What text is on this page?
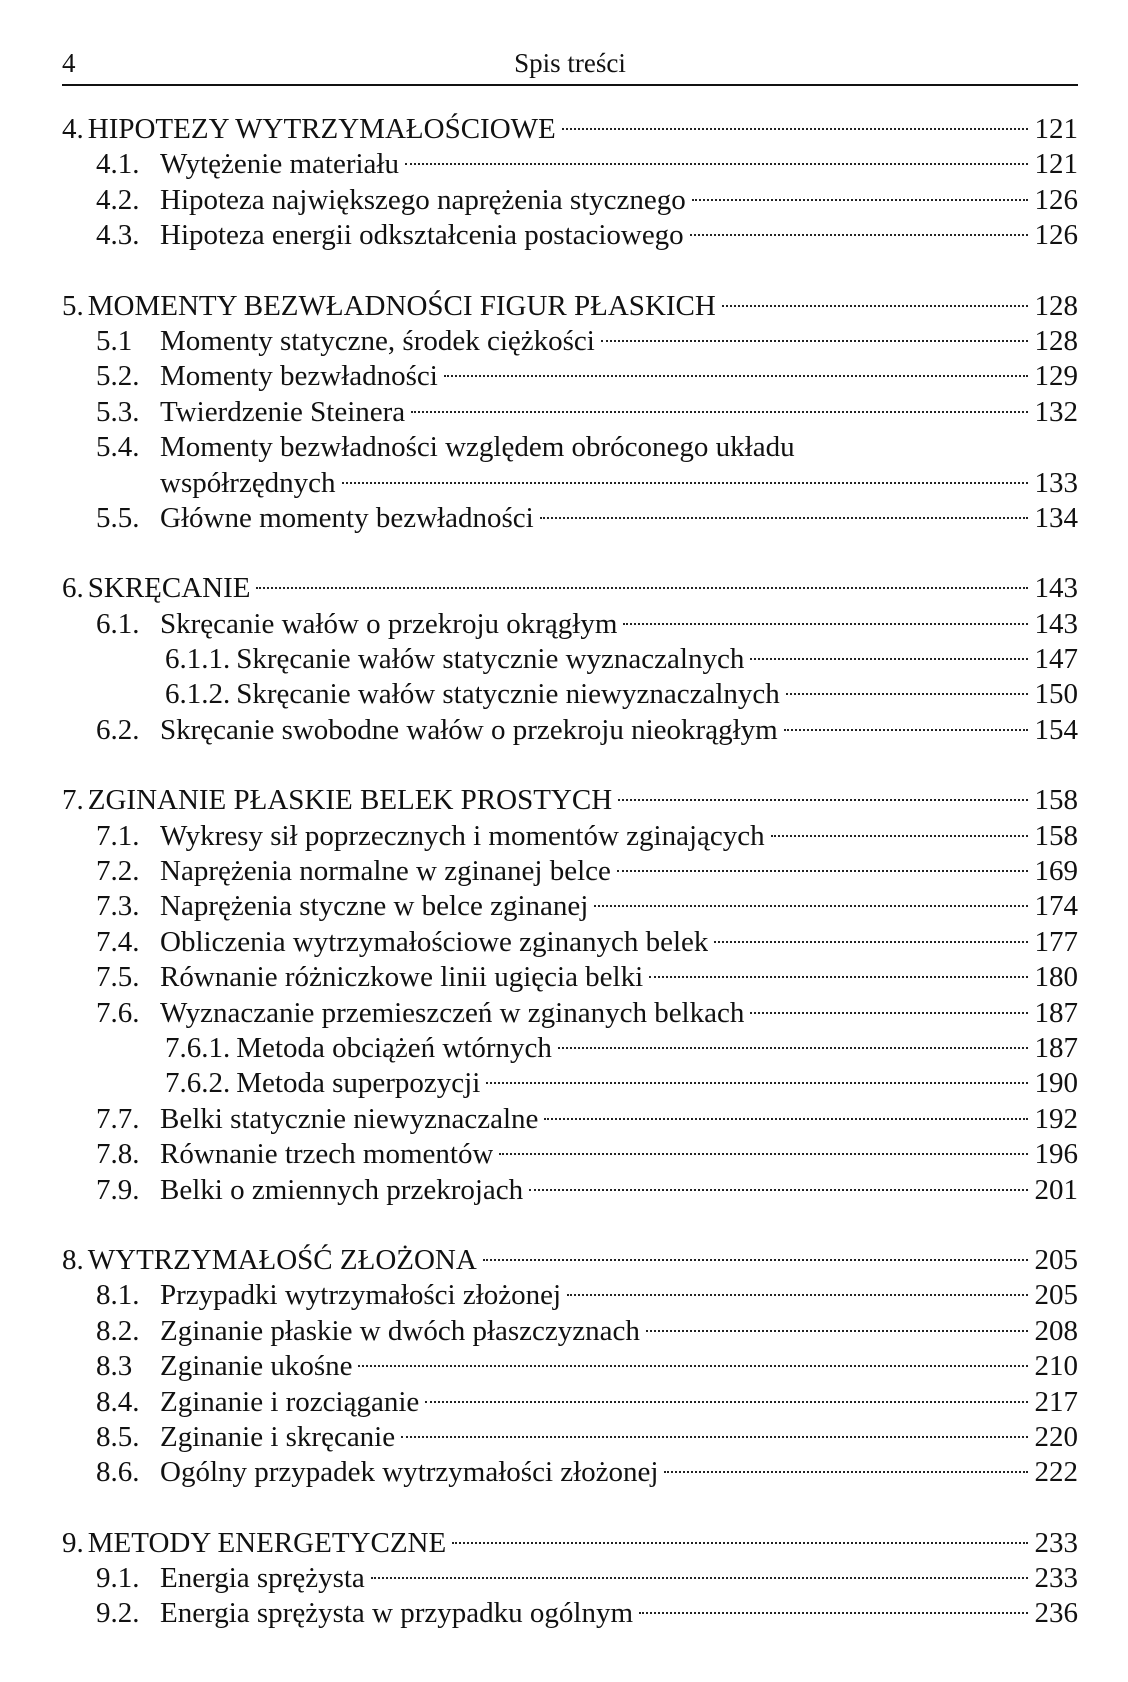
4	Spis treści
4. HIPOTEZY WYTRZYMAŁOŚCIOWE	121
4.1. Wytężenie materiału	121
4.2. Hipoteza największego naprężenia stycznego	126
4.3. Hipoteza energii odkształcenia postaciowego	126
5. MOMENTY BEZWŁADNOŚCI FIGUR PŁASKICH	128
5.1 Momenty statyczne, środek ciężkości	128
5.2. Momenty bezwładności	129
5.3. Twierdzenie Steinera	132
5.4. Momenty bezwładności względem obróconego układu
współrzędnych	133
5.5. Główne momenty bezwładności	134
6. SKRĘCANIE	143
6.1. Skręcanie wałów o przekroju okrągłym	143
6.1.1. Skręcanie wałów statycznie wyznaczalnych	147
6.1.2. Skręcanie wałów statycznie niewyznaczalnych	150
6.2. Skręcanie swobodne wałów o przekroju nieokrągłym	154
7. ZGINANIE PŁASKIE BELEK PROSTYCH	158
7.1. Wykresy sił poprzecznych i momentów zginających	158
7.2. Naprężenia normalne w zginanej belce	169
7.3. Naprężenia styczne w belce zginanej	174
7.4. Obliczenia wytrzymałościowe zginanych belek	177
7.5. Równanie różniczkowe linii ugięcia belki	180
7.6. Wyznaczanie przemieszczeń w zginanych belkach	187
7.6.1. Metoda obciążeń wtórnych	187
7.6.2. Metoda superpozycji	190
7.7. Belki statycznie niewyznaczalne	192
7.8. Równanie trzech momentów	196
7.9. Belki o zmiennych przekrojach	201
8. WYTRZYMAŁOŚĆ ZŁOŻONA	205
8.1. Przypadki wytrzymałości złożonej	205
8.2. Zginanie płaskie w dwóch płaszczyznach	208
8.3 Zginanie ukośne	210
8.4. Zginanie i rozciąganie	217
8.5. Zginanie i skręcanie	220
8.6. Ogólny przypadek wytrzymałości złożonej	222
9. METODY ENERGETYCZNE	233
9.1. Energia sprężysta	233
9.2. Energia sprężysta w przypadku ogólnym	236
